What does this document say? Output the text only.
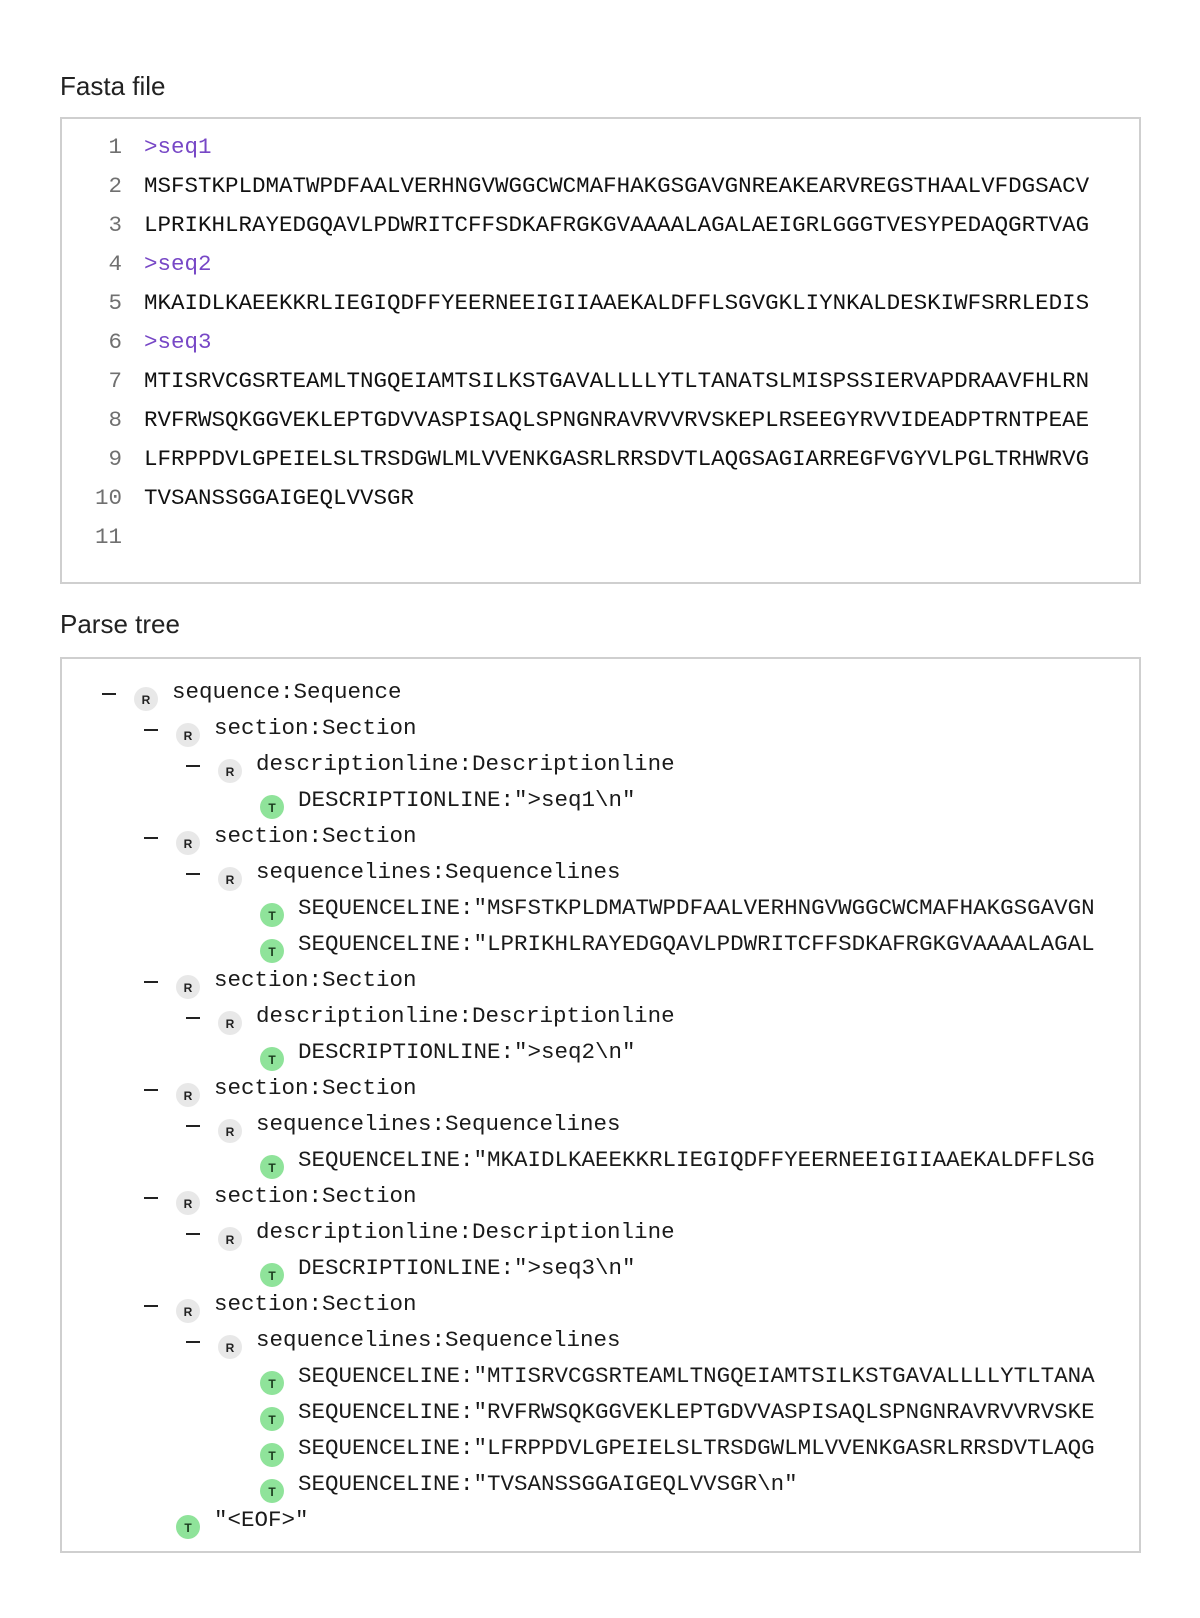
Fasta file
1 >seq1
2 MSFSTKPLDMATWPDFAALVERHNGVWGGCWCMAFHAKGSGAVGNREAKEARVREGSTHAALVFDGSACV
3 LPRIKHLRAYEDGQAVLPDWRITCFFSDKAFRGKGVAAAALAGALAEIGRLGGGTVESYPEDAQGRTVAG
4 >seq2
5 MKAIDLKAEEKKRLIEGIQDFFYEERNEEIGIIAAEKALDFFLSGVGKLIYNKALDESKIWFSRRLEDIS
6 >seq3
7 MTISRVCGSRTEAMLTNGQEIAMTSILKSTGAVALLLLYTLTANATSLMISPSSIERVAPDRAAVFHLRN
8 RVFRWSQKGGVEKLEPTGDVVASPISAQLSPNGNRAVRVVRVSKEPLRSEEGYRVVIDEADPTRNTPEAE
9 LFRPPDVLGPEIELSLTRSDGWLMLVVENKGASRLRRSDVTLAQGSAGIARREGFVGYVLPGLTRHWRVG
10 TVSANSSGGAIGEQLVVSGR
11
Parse tree
R sequence:Sequence
R section:Section
R descriptionline:Descriptionline
T DESCRIPTIONLINE:">seq1\n"
R section:Section
R sequencelines:Sequencelines
T SEQUENCELINE:"MSFSTKPLDMATWPDFAALVERHNGVWGGCWCMAFHAKGSGAVGN
T SEQUENCELINE:"LPRIKHLRAYEDGQAVLPDWRITCFFSDKAFRGKGVAAAALAGAL
R section:Section
R descriptionline:Descriptionline
T DESCRIPTIONLINE:">seq2\n"
R section:Section
R sequencelines:Sequencelines
T SEQUENCELINE:"MKAIDLKAEEKKRLIEGIQDFFYEERNEEIGIIAAEKALDFFLSG
R section:Section
R descriptionline:Descriptionline
T DESCRIPTIONLINE:">seq3\n"
R section:Section
R sequencelines:Sequencelines
T SEQUENCELINE:"MTISRVCGSRTEAMLTNGQEIAMTSILKSTGAVALLLLYTLTANA
T SEQUENCELINE:"RVFRWSQKGGVEKLEPTGDVVASPISAQLSPNGNRAVRVVRVSKE
T SEQUENCELINE:"LFRPPDVLGPEIELSLTRSDGWLMLVVENKGASRLRRSDVTLAQG
T SEQUENCELINE:"TVSANSSGGAIGEQLVVSGR\n"
T "<EOF>"
